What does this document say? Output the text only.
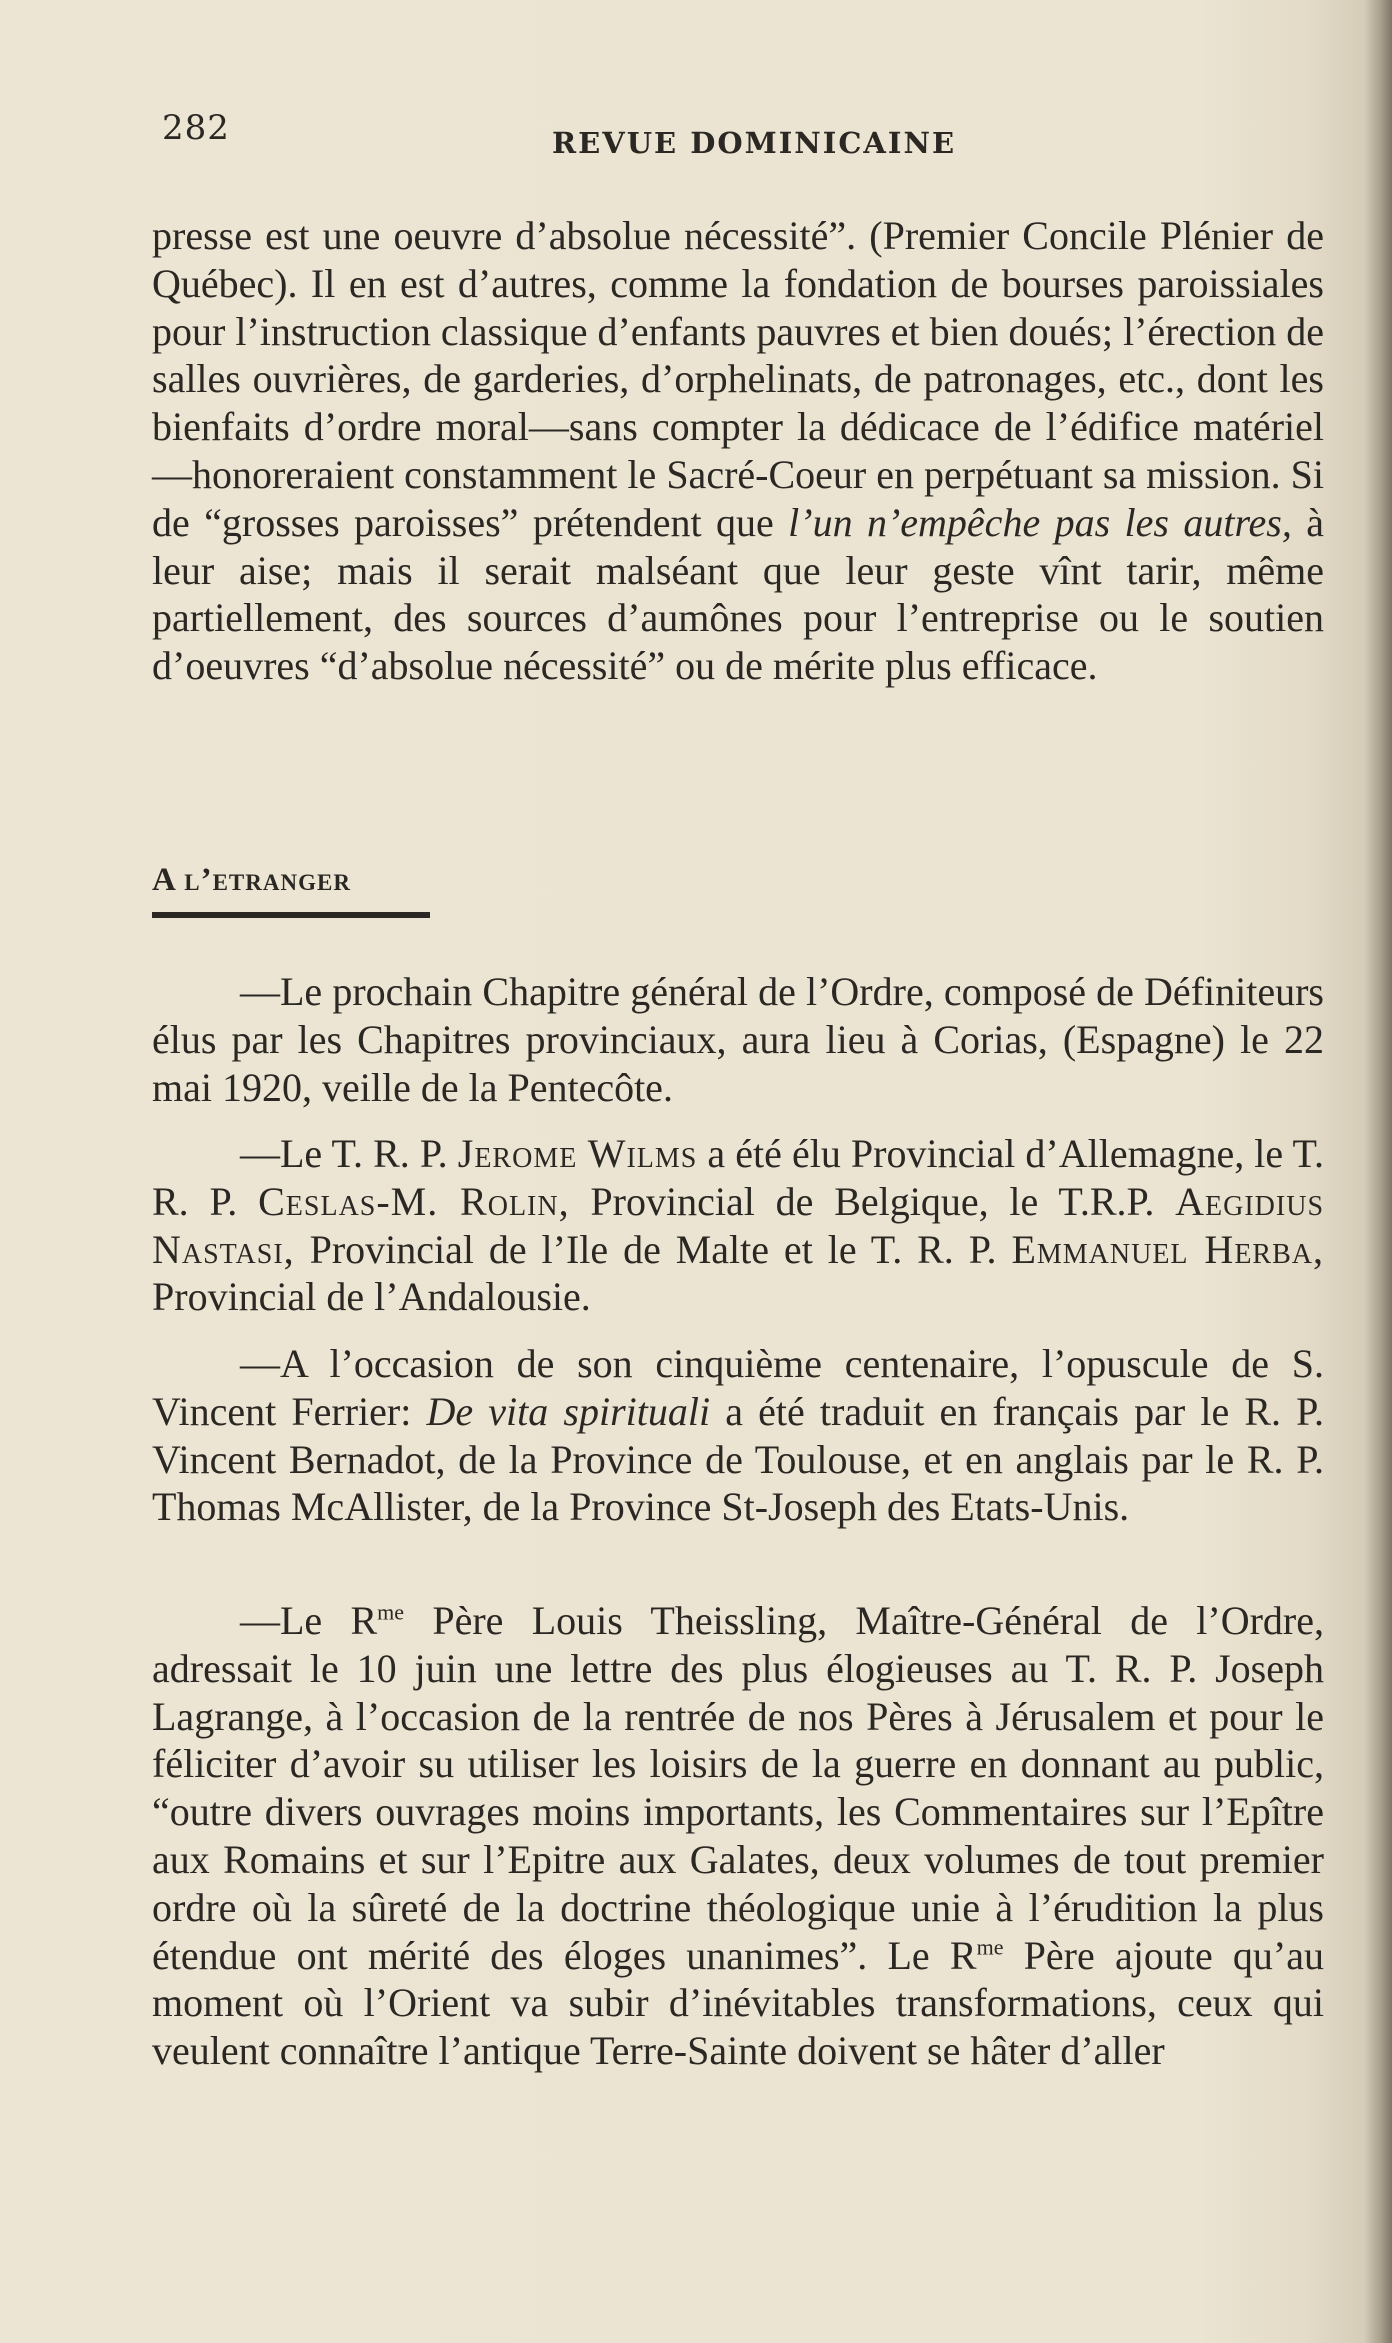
282	REVUE DOMINICAINE

presse est une oeuvre d’absolue nécessité”. (Premier Concile Plénier de Québec). Il en est d’autres, comme la fondation de bourses paroissiales pour l’instruction classique d’enfants pauvres et bien doués; l’érection de salles ouvrières, de garderies, d’orphelinats, de patronages, etc., dont les bienfaits d’ordre moral—sans compter la dédicace de l’édifice matériel—honoreraient constamment le Sacré-Coeur en perpétuant sa mission. Si de “grosses paroisses” prétendent que l’un n’empêche pas les autres, à leur aise; mais il serait malséant que leur geste vînt tarir, même partiellement, des sources d’aumônes pour l’entreprise ou le soutien d’oeuvres “d’absolue nécessité” ou de mérite plus efficace.

A l’etranger

—Le prochain Chapitre général de l’Ordre, composé de Définiteurs élus par les Chapitres provinciaux, aura lieu à Corias, (Espagne) le 22 mai 1920, veille de la Pentecôte.

—Le T. R. P. Jerome Wilms a été élu Provincial d’Allemagne, le T. R. P. Ceslas-M. Rolin, Provincial de Belgique, le T.R.P. Aegidius Nastasi, Provincial de l’Ile de Malte et le T. R. P. Emmanuel Herba, Provincial de l’Andalousie.

—A l’occasion de son cinquième centenaire, l’opuscule de S. Vincent Ferrier: De vita spirituali a été traduit en français par le R. P. Vincent Bernadot, de la Province de Toulouse, et en anglais par le R. P. Thomas McAllister, de la Province St-Joseph des Etats-Unis.

—Le $R^{me}$ Père Louis Theissling, Maître-Général de l’Ordre, adressait le 10 juin une lettre des plus élogieuses au T. R. P. Joseph Lagrange, à l’occasion de la rentrée de nos Pères à Jérusalem et pour le féliciter d’avoir su utiliser les loisirs de la guerre en donnant au public, “outre divers ouvrages moins importants, les Commentaires sur l’Epître aux Romains et sur l’Epitre aux Galates, deux volumes de tout premier ordre où la sûreté de la doctrine théologique unie à l’érudition la plus étendue ont mérité des éloges unanimes”. Le $R^{me}$ Père ajoute qu’au moment où l’Orient va subir d’inévitables transformations, ceux qui veulent connaître l’antique Terre-Sainte doivent se hâter d’aller
